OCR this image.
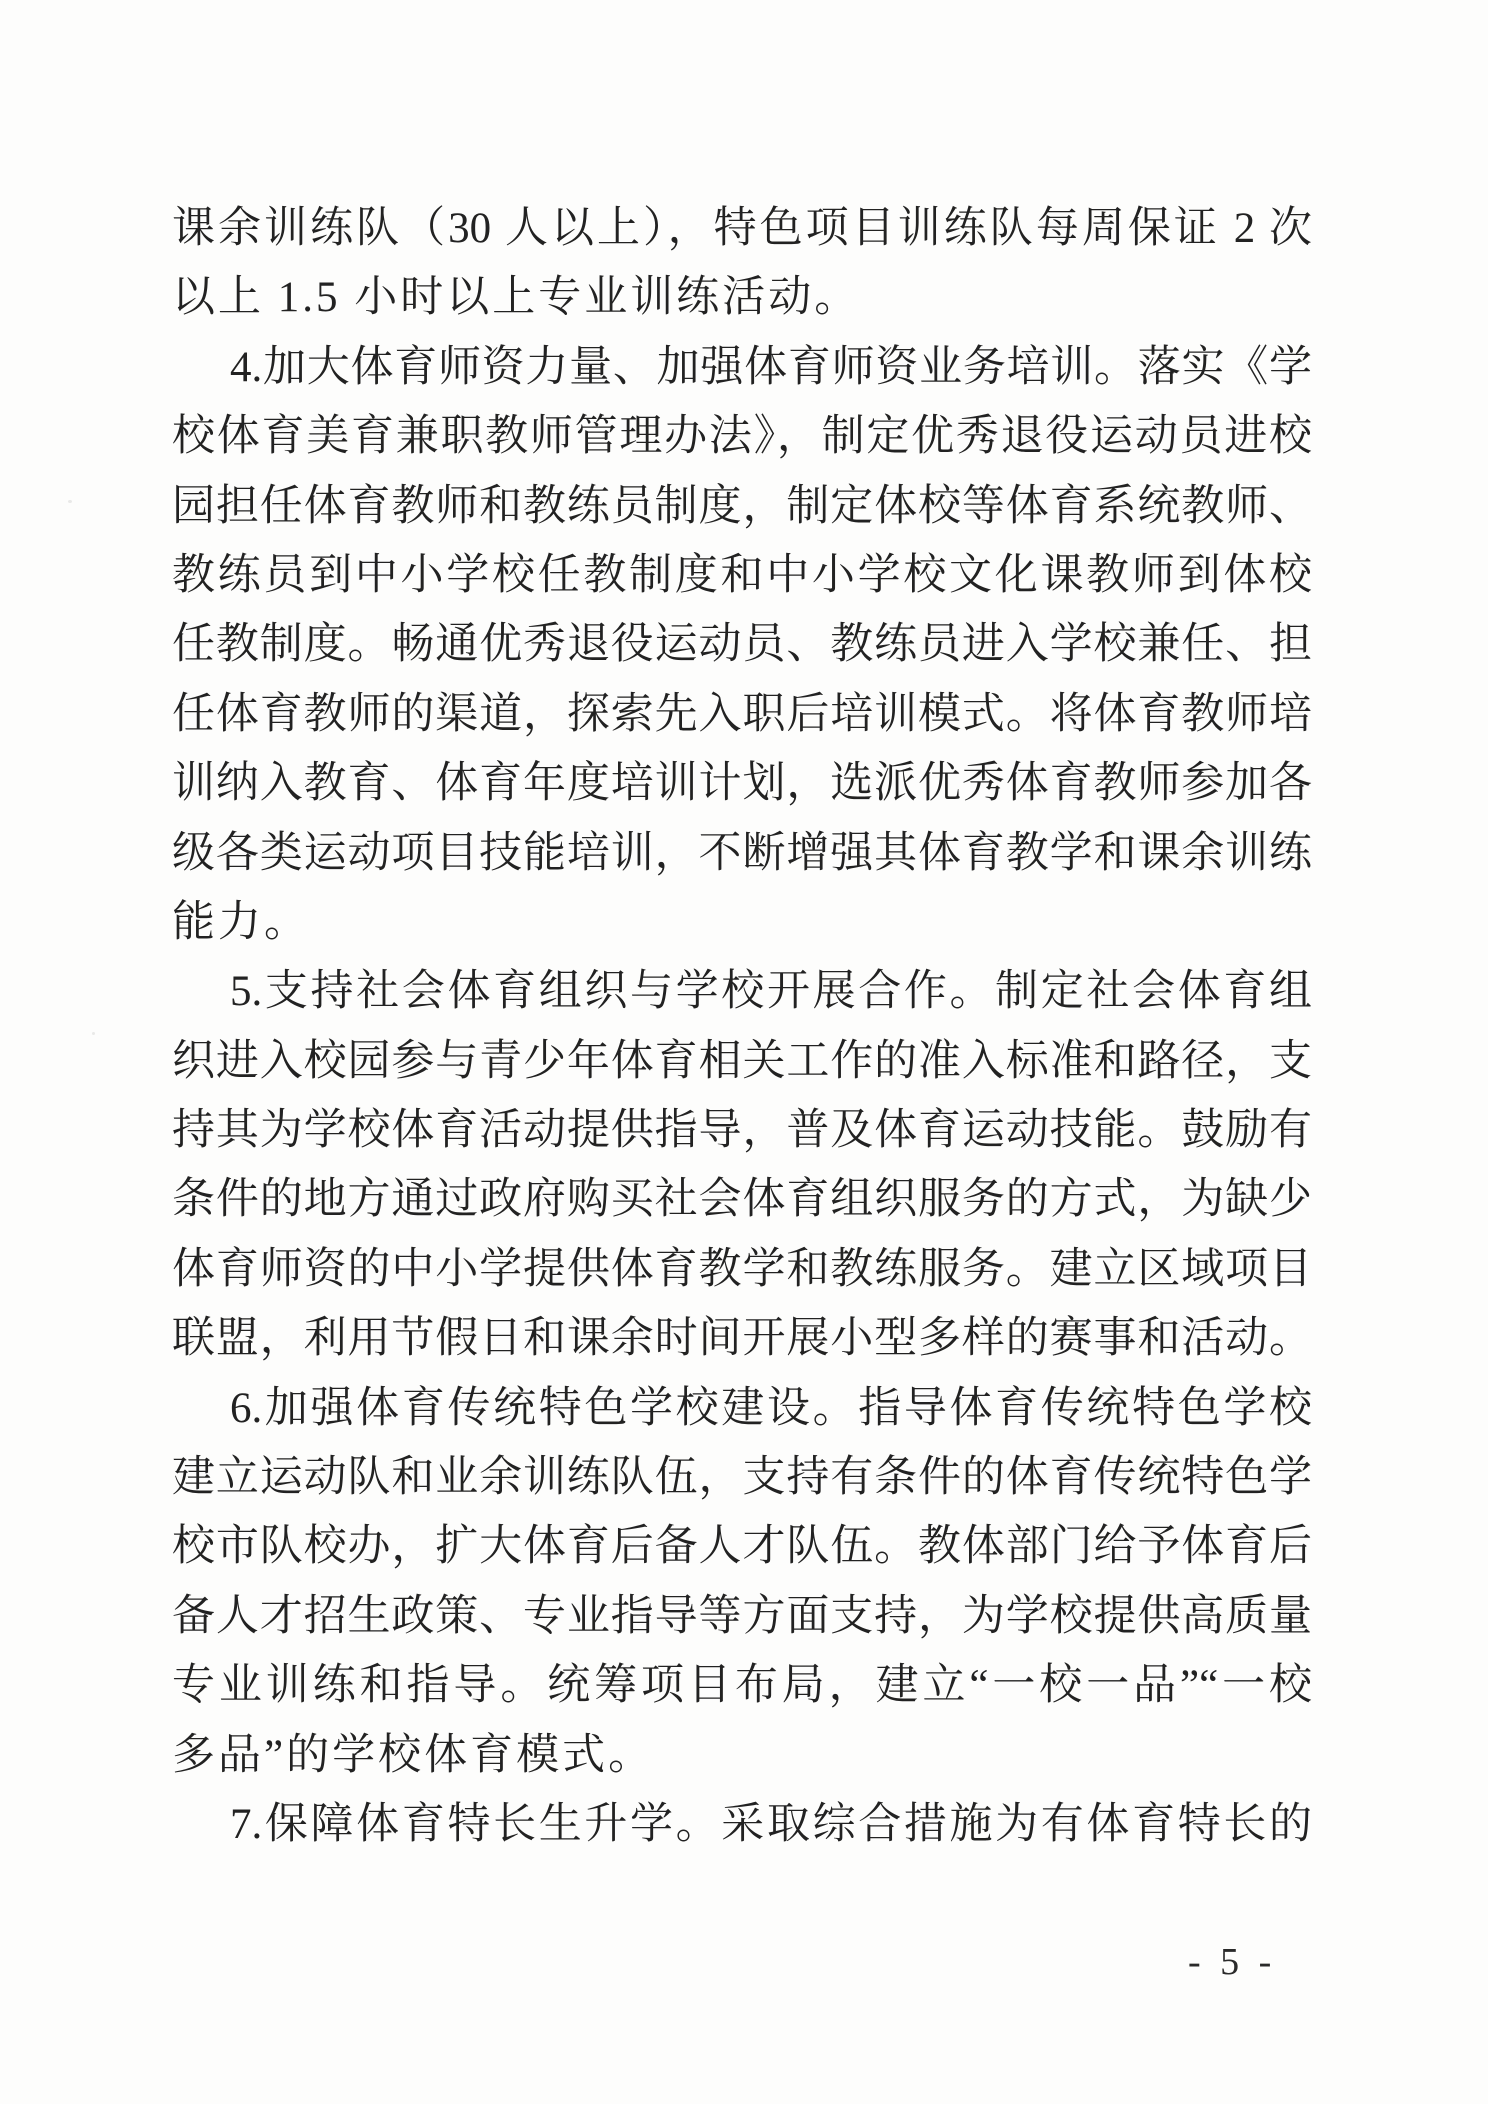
课余训练队（30 人以上），特色项目训练队每周保证 2 次
以上 1.5 小时以上专业训练活动。
4.加大体育师资力量、加强体育师资业务培训。落实《学
校体育美育兼职教师管理办法》，制定优秀退役运动员进校
园担任体育教师和教练员制度，制定体校等体育系统教师、
教练员到中小学校任教制度和中小学校文化课教师到体校
任教制度。畅通优秀退役运动员、教练员进入学校兼任、担
任体育教师的渠道，探索先入职后培训模式。将体育教师培
训纳入教育、体育年度培训计划，选派优秀体育教师参加各
级各类运动项目技能培训，不断增强其体育教学和课余训练
能力。
5.支持社会体育组织与学校开展合作。制定社会体育组
织进入校园参与青少年体育相关工作的准入标准和路径，支
持其为学校体育活动提供指导，普及体育运动技能。鼓励有
条件的地方通过政府购买社会体育组织服务的方式，为缺少
体育师资的中小学提供体育教学和教练服务。建立区域项目
联盟，利用节假日和课余时间开展小型多样的赛事和活动。
6.加强体育传统特色学校建设。指导体育传统特色学校
建立运动队和业余训练队伍，支持有条件的体育传统特色学
校市队校办，扩大体育后备人才队伍。教体部门给予体育后
备人才招生政策、专业指导等方面支持，为学校提供高质量
专业训练和指导。统筹项目布局，建立“一校一品”“一校
多品”的学校体育模式。
7.保障体育特长生升学。采取综合措施为有体育特长的
- 5 -
